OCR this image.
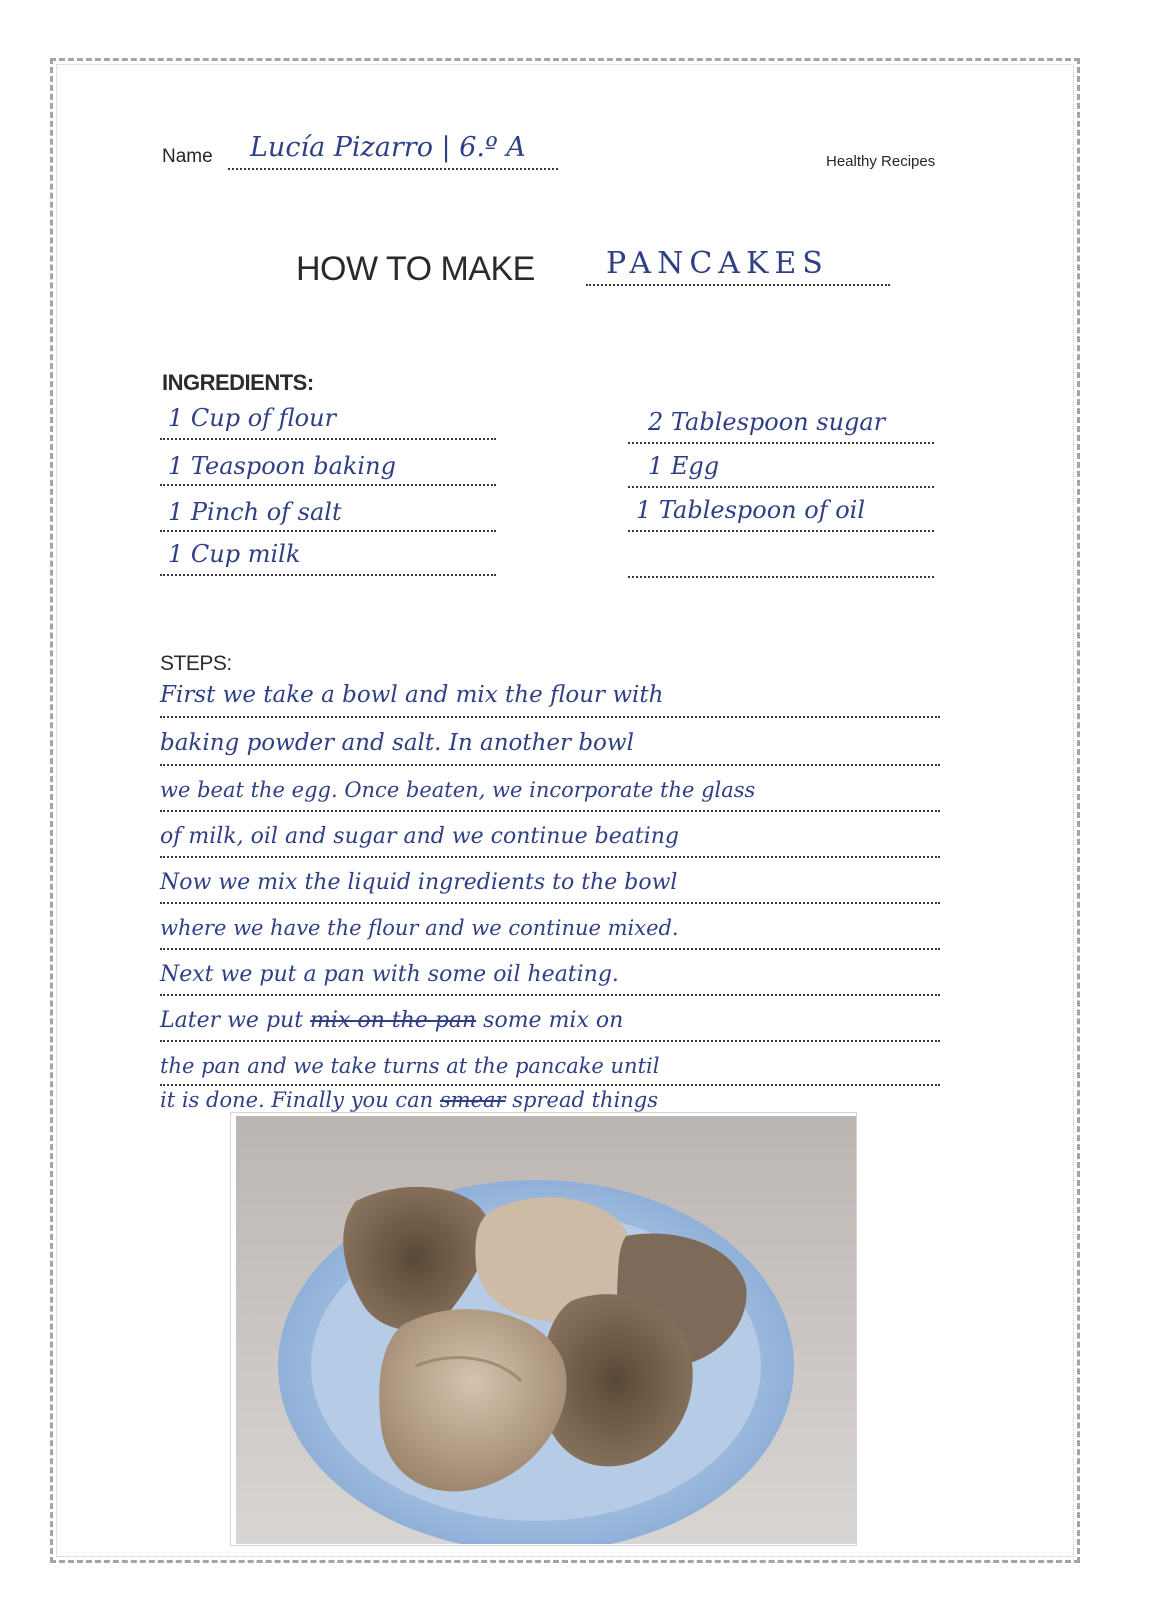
Name Lucía Pizarro | 6.º A	Healthy Recipes
HOW TO MAKE PANCAKES
INGREDIENTS:
1 Cup of flour
1 Teaspoon baking
1 Pinch of salt
1 Cup milk
2 Tablespoon sugar
1 Egg
1 Tablespoon of oil
STEPS:
First we take a bowl and mix the flour with
baking powder and salt. In another bowl
we beat the egg. Once beaten, we incorporate the glass
of milk, oil and sugar and we continue beating
Now we mix the liquid ingredients to the bowl
where we have the flour and we continue mixed.
Next we put a pan with some oil heating.
Later we put mix on the pan some mix on
the pan and we take turns at the pancake until
it is done. Finally you can smear spread things
